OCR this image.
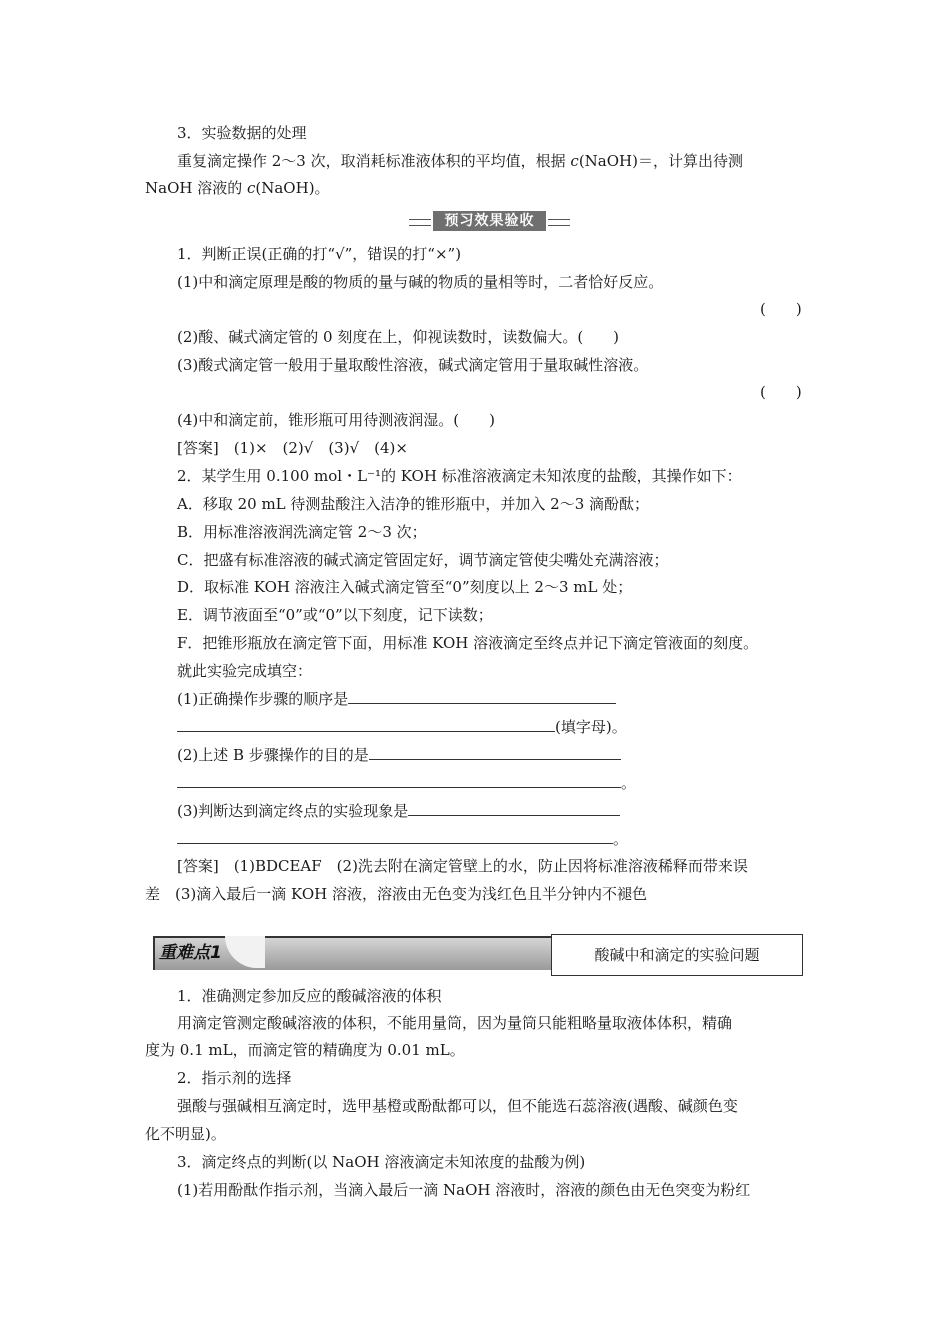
3．实验数据的处理
重复滴定操作 2～3 次，取消耗标准液体积的平均值，根据 c(NaOH)＝，计算出待测
NaOH 溶液的 c(NaOH)。
预习效果验收
1．判断正误(正确的打“√”，错误的打“×”)
(1)中和滴定原理是酸的物质的量与碱的物质的量相等时，二者恰好反应。
(　　)
(2)酸、碱式滴定管的 0 刻度在上，仰视读数时，读数偏大。(　　)
(3)酸式滴定管一般用于量取酸性溶液，碱式滴定管用于量取碱性溶液。
(　　)
(4)中和滴定前，锥形瓶可用待测液润湿。(　　)
[答案]　(1)×　(2)√　(3)√　(4)×
2．某学生用 0.100 mol・L⁻¹的 KOH 标准溶液滴定未知浓度的盐酸，其操作如下：
A．移取 20 mL 待测盐酸注入洁净的锥形瓶中，并加入 2～3 滴酚酞；
B．用标准溶液润洗滴定管 2～3 次；
C．把盛有标准溶液的碱式滴定管固定好，调节滴定管使尖嘴处充满溶液；
D．取标准 KOH 溶液注入碱式滴定管至“0”刻度以上 2～3 mL 处；
E．调节液面至“0”或“0”以下刻度，记下读数；
F．把锥形瓶放在滴定管下面，用标准 KOH 溶液滴定至终点并记下滴定管液面的刻度。
就此实验完成填空：
(1)正确操作步骤的顺序是
(填字母)。
(2)上述 B 步骤操作的目的是
。
(3)判断达到滴定终点的实验现象是
。
[答案]　(1)BDCEAF　(2)洗去附在滴定管壁上的水，防止因将标准溶液稀释而带来误
差　(3)滴入最后一滴 KOH 溶液，溶液由无色变为浅红色且半分钟内不褪色
重难点1	酸碱中和滴定的实验问题
1．准确测定参加反应的酸碱溶液的体积
用滴定管测定酸碱溶液的体积，不能用量筒，因为量筒只能粗略量取液体体积，精确
度为 0.1 mL，而滴定管的精确度为 0.01 mL。
2．指示剂的选择
强酸与强碱相互滴定时，选甲基橙或酚酞都可以，但不能选石蕊溶液(遇酸、碱颜色变
化不明显)。
3．滴定终点的判断(以 NaOH 溶液滴定未知浓度的盐酸为例)
(1)若用酚酞作指示剂，当滴入最后一滴 NaOH 溶液时，溶液的颜色由无色突变为粉红
